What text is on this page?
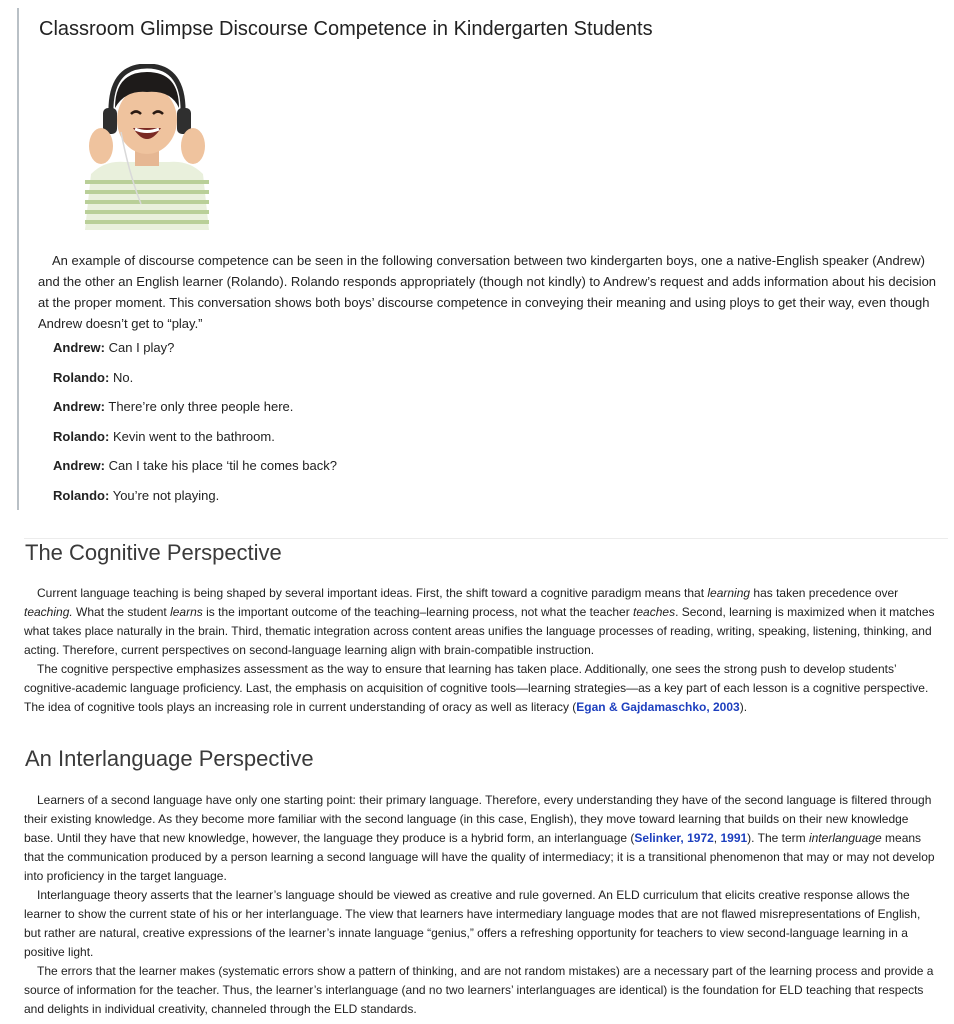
Classroom Glimpse Discourse Competence in Kindergarten Students

An example of discourse competence can be seen in the following conversation between two kindergarten boys, one a native-English speaker (Andrew) and the other an English learner (Rolando). Rolando responds appropriately (though not kindly) to Andrew’s request and adds information about his decision at the proper moment. This conversation shows both boys’ discourse competence in conveying their meaning and using ploys to get their way, even though Andrew doesn’t get to “play.”

Andrew: Can I play?
Rolando: No.
Andrew: There’re only three people here.
Rolando: Kevin went to the bathroom.
Andrew: Can I take his place ‘til he comes back?
Rolando: You’re not playing.
The Cognitive Perspective

Current language teaching is being shaped by several important ideas. First, the shift toward a cognitive paradigm means that learning has taken precedence over teaching. What the student learns is the important outcome of the teaching–learning process, not what the teacher teaches. Second, learning is maximized when it matches what takes place naturally in the brain. Third, thematic integration across content areas unifies the language processes of reading, writing, speaking, listening, thinking, and acting. Therefore, current perspectives on second-language learning align with brain-compatible instruction.

The cognitive perspective emphasizes assessment as the way to ensure that learning has taken place. Additionally, one sees the strong push to develop students’ cognitive-academic language proficiency. Last, the emphasis on acquisition of cognitive tools—learning strategies—as a key part of each lesson is a cognitive perspective. The idea of cognitive tools plays an increasing role in current understanding of oracy as well as literacy (Egan & Gajdamaschko, 2003).

An Interlanguage Perspective

Learners of a second language have only one starting point: their primary language. Therefore, every understanding they have of the second language is filtered through their existing knowledge. As they become more familiar with the second language (in this case, English), they move toward learning that builds on their new knowledge base. Until they have that new knowledge, however, the language they produce is a hybrid form, an interlanguage (Selinker, 1972, 1991). The term interlanguage means that the communication produced by a person learning a second language will have the quality of intermediacy; it is a transitional phenomenon that may or may not develop into proficiency in the target language.

Interlanguage theory asserts that the learner’s language should be viewed as creative and rule governed. An ELD curriculum that elicits creative response allows the learner to show the current state of his or her interlanguage. The view that learners have intermediary language modes that are not flawed misrepresentations of English, but rather are natural, creative expressions of the learner’s innate language “genius,” offers a refreshing opportunity for teachers to view second-language learning in a positive light.

The errors that the learner makes (systematic errors show a pattern of thinking, and are not random mistakes) are a necessary part of the learning process and provide a source of information for the teacher. Thus, the learner’s interlanguage (and no two learners’ interlanguages are identical) is the foundation for ELD teaching that respects and delights in individual creativity, channeled through the ELD standards.
